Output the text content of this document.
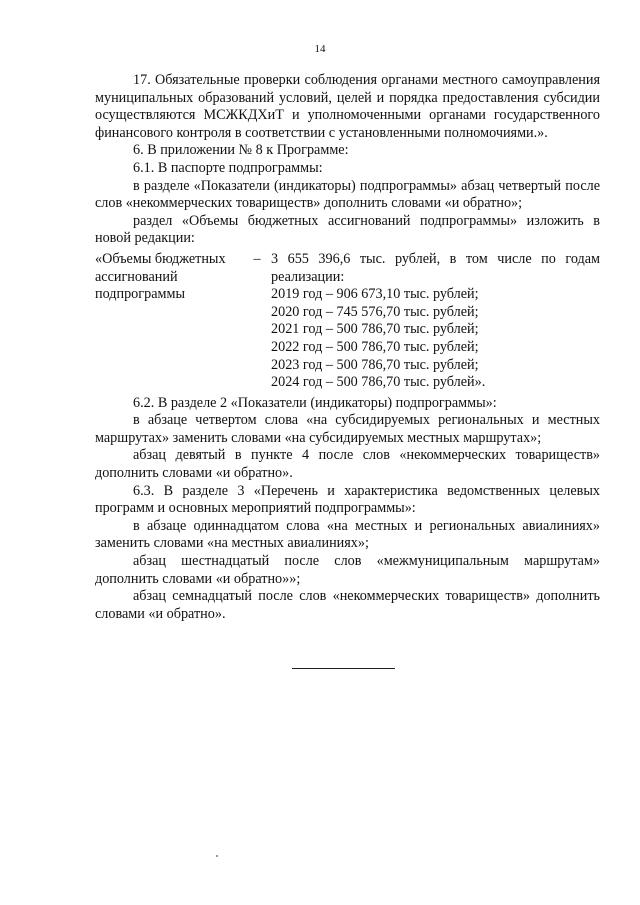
14

17. Обязательные проверки соблюдения органами местного самоуправления муниципальных образований условий, целей и порядка предоставления субсидии осуществляются МСЖКДХиТ и уполномоченными органами государственного финансового контроля в соответствии с установленными полномочиями.».

6. В приложении № 8 к Программе:

6.1. В паспорте подпрограммы:

в разделе «Показатели (индикаторы) подпрограммы» абзац четвертый после слов «некоммерческих товариществ» дополнить словами «и обратно»;

раздел «Объемы бюджетных ассигнований подпрограммы» изложить в новой редакции:

«Объемы бюджетных
ассигнований
подпрограммы
– 3 655 396,6 тыс. рублей, в том числе по годам реализации:

2019 год – 906 673,10 тыс. рублей;

2020 год – 745 576,70 тыс. рублей;

2021 год – 500 786,70 тыс. рублей;

2022 год – 500 786,70 тыс. рублей;

2023 год – 500 786,70 тыс. рублей;

2024 год – 500 786,70 тыс. рублей».

6.2. В разделе 2 «Показатели (индикаторы) подпрограммы»:

в абзаце четвертом слова «на субсидируемых региональных и местных маршрутах» заменить словами «на субсидируемых местных маршрутах»;

абзац девятый в пункте 4 после слов «некоммерческих товариществ» дополнить словами «и обратно».

6.3. В разделе 3 «Перечень и характеристика ведомственных целевых программ и основных мероприятий подпрограммы»:

в абзаце одиннадцатом слова «на местных и региональных авиалиниях» заменить словами «на местных авиалиниях»;

абзац шестнадцатый после слов «межмуниципальным маршрутам» дополнить словами «и обратно»»;

абзац семнадцатый после слов «некоммерческих товариществ» дополнить словами «и обратно».
